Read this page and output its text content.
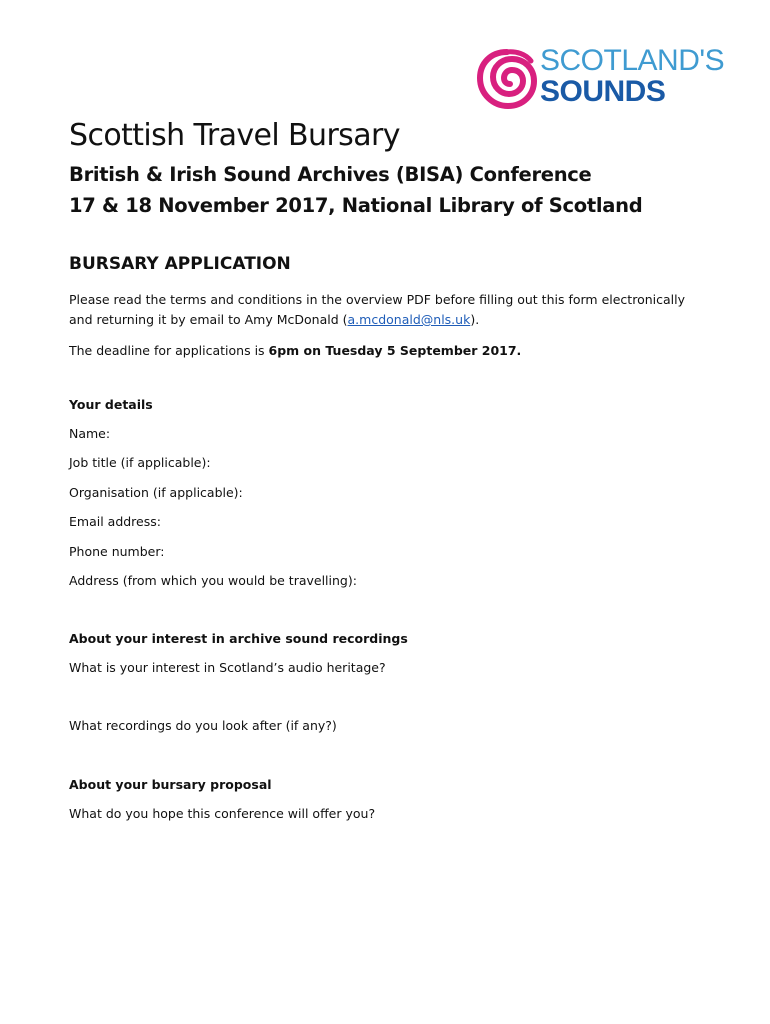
SCOTLAND'S
SOUNDS
Scottish Travel Bursary
British & Irish Sound Archives (BISA) Conference
17 & 18 November 2017, National Library of Scotland
BURSARY APPLICATION
Please read the terms and conditions in the overview PDF before filling out this form electronically
and returning it by email to Amy McDonald (a.mcdonald@nls.uk).
The deadline for applications is 6pm on Tuesday 5 September 2017.
Your details
Name:
Job title (if applicable):
Organisation (if applicable):
Email address:
Phone number:
Address (from which you would be travelling):
About your interest in archive sound recordings
What is your interest in Scotland’s audio heritage?
What recordings do you look after (if any?)
About your bursary proposal
What do you hope this conference will offer you?
